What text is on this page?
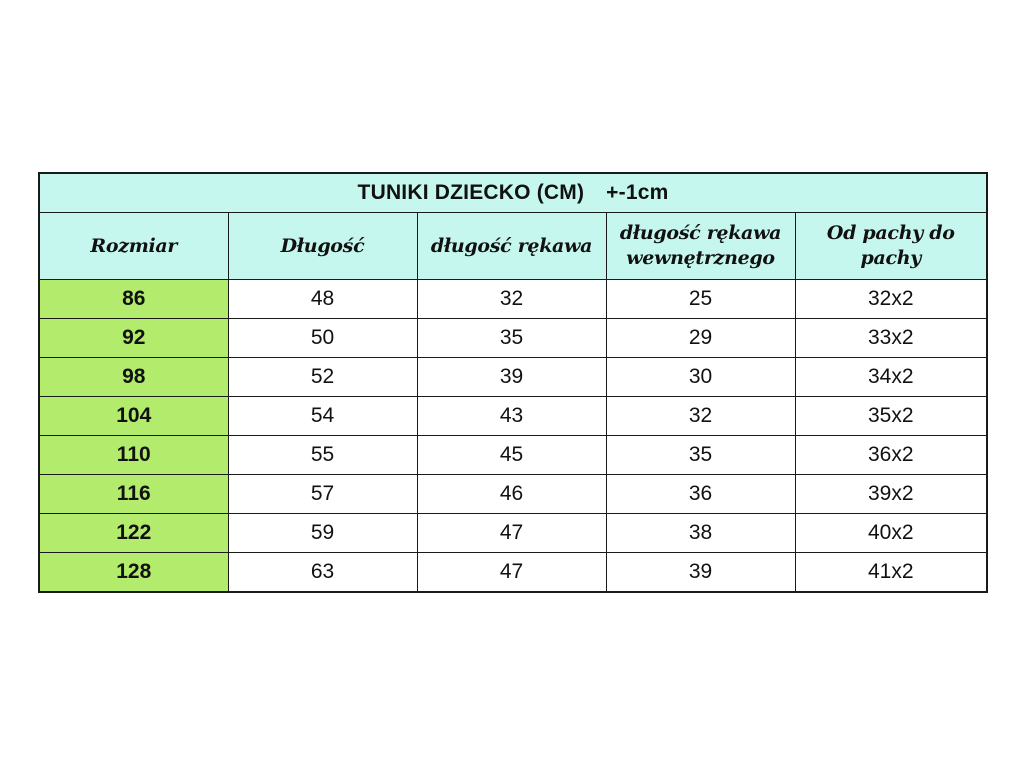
TUNIKI DZIECKO (CM) +-1cm				
Rozmiar	Długość	długość rękawa	długość rękawa wewnętrznego	Od pachy do pachy
86	48	32	25	32x2
92	50	35	29	33x2
98	52	39	30	34x2
104	54	43	32	35x2
110	55	45	35	36x2
116	57	46	36	39x2
122	59	47	38	40x2
128	63	47	39	41x2
